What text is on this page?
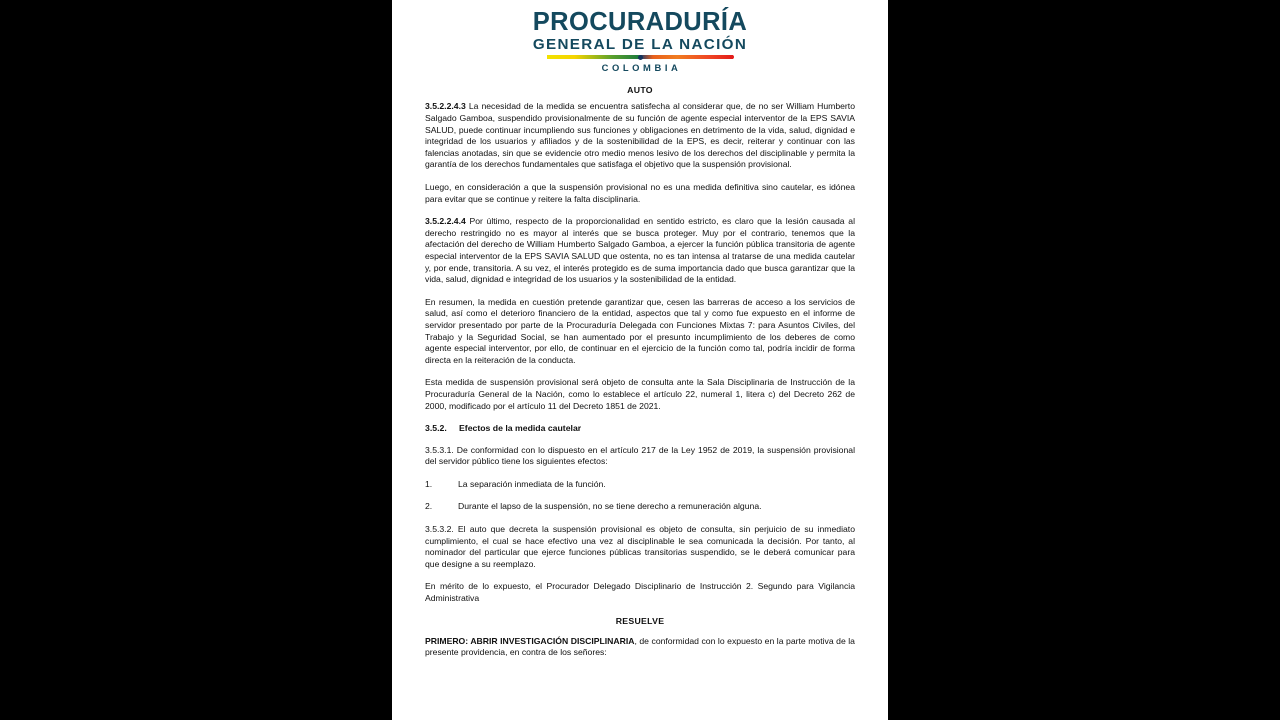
PROCURADURÍA
GENERAL DE LA NACIÓN
COLOMBIA
AUTO

3.5.2.2.4.3 La necesidad de la medida se encuentra satisfecha al considerar que, de no ser William Humberto Salgado Gamboa, suspendido provisionalmente de su función de agente especial interventor de la EPS SAVIA SALUD, puede continuar incumpliendo sus funciones y obligaciones en detrimento de la vida, salud, dignidad e integridad de los usuarios y afiliados y de la sostenibilidad de la EPS, es decir, reiterar y continuar con las falencias anotadas, sin que se evidencie otro medio menos lesivo de los derechos del disciplinable y permita la garantía de los derechos fundamentales que satisfaga el objetivo que la suspensión provisional.

Luego, en consideración a que la suspensión provisional no es una medida definitiva sino cautelar, es idónea para evitar que se continue y reitere la falta disciplinaria.

3.5.2.2.4.4 Por último, respecto de la proporcionalidad en sentido estricto, es claro que la lesión causada al derecho restringido no es mayor al interés que se busca proteger. Muy por el contrario, tenemos que la afectación del derecho de William Humberto Salgado Gamboa, a ejercer la función pública transitoria de agente especial interventor de la EPS SAVIA SALUD que ostenta, no es tan intensa al tratarse de una medida cautelar y, por ende, transitoria. A su vez, el interés protegido es de suma importancia dado que busca garantizar que la vida, salud, dignidad e integridad de los usuarios y la sostenibilidad de la entidad.

En resumen, la medida en cuestión pretende garantizar que, cesen las barreras de acceso a los servicios de salud, así como el deterioro financiero de la entidad, aspectos que tal y como fue expuesto en el informe de servidor presentado por parte de la Procuraduría Delegada con Funciones Mixtas 7: para Asuntos Civiles, del Trabajo y la Seguridad Social, se han aumentado por el presunto incumplimiento de los deberes de como agente especial interventor, por ello, de continuar en el ejercicio de la función como tal, podría incidir de forma directa en la reiteración de la conducta.

Esta medida de suspensión provisional será objeto de consulta ante la Sala Disciplinaria de Instrucción de la Procuraduría General de la Nación, como lo establece el artículo 22, numeral 1, litera c) del Decreto 262 de 2000, modificado por el artículo 11 del Decreto 1851 de 2021.

3.5.2. Efectos de la medida cautelar

3.5.3.1. De conformidad con lo dispuesto en el artículo 217 de la Ley 1952 de 2019, la suspensión provisional del servidor público tiene los siguientes efectos:

1.	La separación inmediata de la función.
2.	Durante el lapso de la suspensión, no se tiene derecho a remuneración alguna.

3.5.3.2. El auto que decreta la suspensión provisional es objeto de consulta, sin perjuicio de su inmediato cumplimiento, el cual se hace efectivo una vez al disciplinable le sea comunicada la decisión. Por tanto, al nominador del particular que ejerce funciones públicas transitorias suspendido, se le deberá comunicar para que designe a su reemplazo.

En mérito de lo expuesto, el Procurador Delegado Disciplinario de Instrucción 2. Segundo para Vigilancia Administrativa

RESUELVE

PRIMERO: ABRIR INVESTIGACIÓN DISCIPLINARIA, de conformidad con lo expuesto en la parte motiva de la presente providencia, en contra de los señores:
